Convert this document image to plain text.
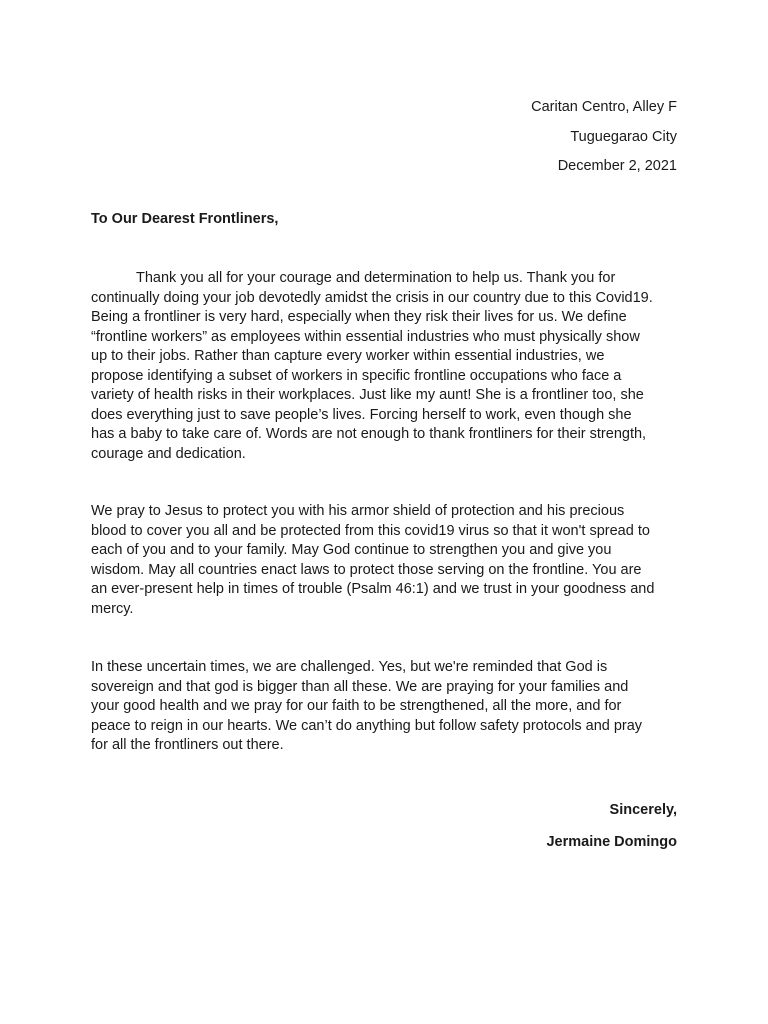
Caritan Centro, Alley F
Tuguegarao City
December 2, 2021
To Our Dearest Frontliners,
Thank you all for your courage and determination to help us. Thank you for
continually doing your job devotedly amidst the crisis in our country due to this Covid19.
Being a frontliner is very hard, especially when they risk their lives for us. We define
“frontline workers” as employees within essential industries who must physically show
up to their jobs. Rather than capture every worker within essential industries, we
propose identifying a subset of workers in specific frontline occupations who face a
variety of health risks in their workplaces. Just like my aunt! She is a frontliner too, she
does everything just to save people’s lives. Forcing herself to work, even though she
has a baby to take care of. Words are not enough to thank frontliners for their strength,
courage and dedication.
We pray to Jesus to protect you with his armor shield of protection and his precious
blood to cover you all and be protected from this covid19 virus so that it won't spread to
each of you and to your family. May God continue to strengthen you and give you
wisdom. May all countries enact laws to protect those serving on the frontline. You are
an ever-present help in times of trouble (Psalm 46:1) and we trust in your goodness and
mercy.
In these uncertain times, we are challenged. Yes, but we're reminded that God is
sovereign and that god is bigger than all these. We are praying for your families and
your good health and we pray for our faith to be strengthened, all the more, and for
peace to reign in our hearts. We can’t do anything but follow safety protocols and pray
for all the frontliners out there.
Sincerely,
Jermaine Domingo
